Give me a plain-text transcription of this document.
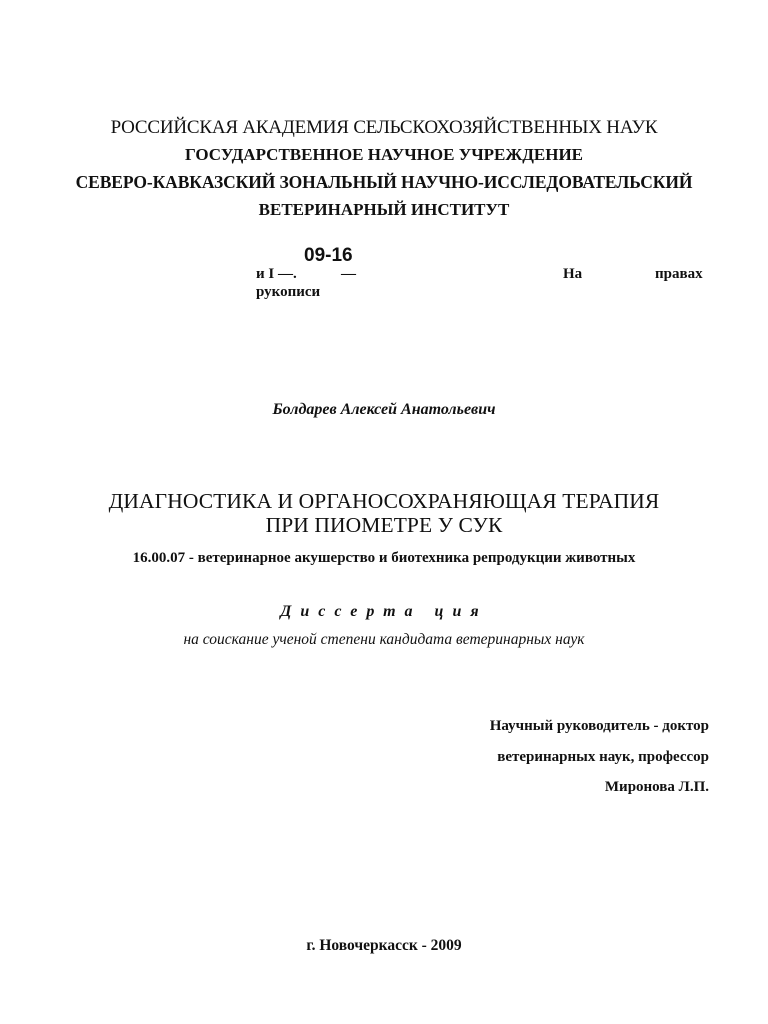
РОССИЙСКАЯ АКАДЕМИЯ СЕЛЬСКОХОЗЯЙСТВЕННЫХ НАУК
ГОСУДАРСТВЕННОЕ НАУЧНОЕ УЧРЕЖДЕНИЕ
СЕВЕРО-КАВКАЗСКИЙ ЗОНАЛЬНЫЙ НАУЧНО-ИССЛЕДОВАТЕЛЬСКИЙ
ВЕТЕРИНАРНЫЙ ИНСТИТУТ
09-16
и I —.	—	На	правах
рукописи
Болдарев Алексей Анатольевич
ДИАГНОСТИКА И ОРГАНОСОХРАНЯЮЩАЯ ТЕРАПИЯ
ПРИ ПИОМЕТРЕ У СУК
16.00.07 - ветеринарное акушерство и биотехника репродукции животных
Диссерта ция
на соискание ученой степени кандидата ветеринарных наук
Научный руководитель - доктор
ветеринарных наук, профессор
Миронова Л.П.
г. Новочеркасск - 2009
